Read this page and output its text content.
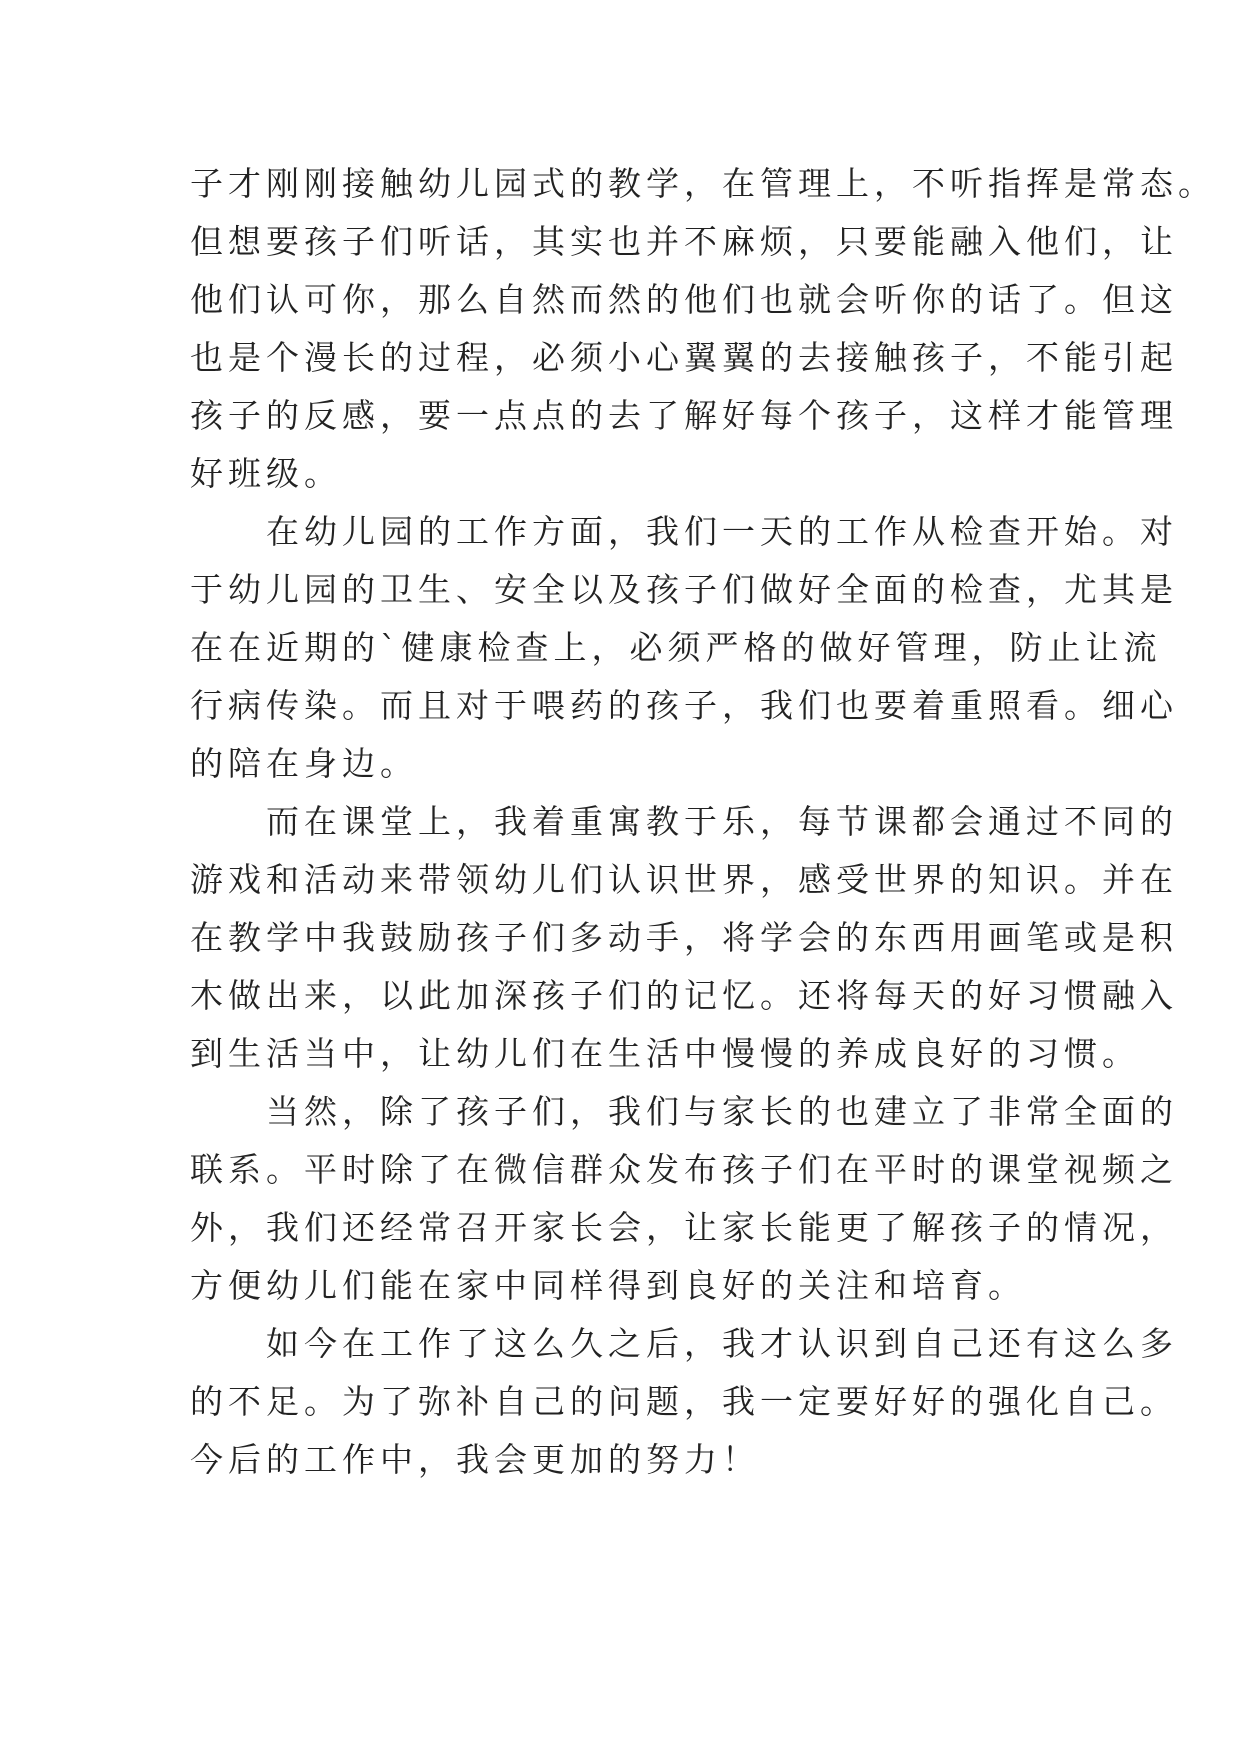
子才刚刚接触幼儿园式的教学，在管理上，不听指挥是常态。
但想要孩子们听话，其实也并不麻烦，只要能融入他们，让
他们认可你，那么自然而然的他们也就会听你的话了。但这
也是个漫长的过程，必须小心翼翼的去接触孩子，不能引起
孩子的反感，要一点点的去了解好每个孩子，这样才能管理
好班级。

　　在幼儿园的工作方面，我们一天的工作从检查开始。对
于幼儿园的卫生、安全以及孩子们做好全面的检查，尤其是
在在近期的`健康检查上，必须严格的做好管理，防止让流
行病传染。而且对于喂药的孩子，我们也要着重照看。细心
的陪在身边。

　　而在课堂上，我着重寓教于乐，每节课都会通过不同的
游戏和活动来带领幼儿们认识世界，感受世界的知识。并在
在教学中我鼓励孩子们多动手，将学会的东西用画笔或是积
木做出来，以此加深孩子们的记忆。还将每天的好习惯融入
到生活当中，让幼儿们在生活中慢慢的养成良好的习惯。

　　当然，除了孩子们，我们与家长的也建立了非常全面的
联系。平时除了在微信群众发布孩子们在平时的课堂视频之
外，我们还经常召开家长会，让家长能更了解孩子的情况，
方便幼儿们能在家中同样得到良好的关注和培育。

　　如今在工作了这么久之后，我才认识到自己还有这么多
的不足。为了弥补自己的问题，我一定要好好的强化自己。
今后的工作中，我会更加的努力！
